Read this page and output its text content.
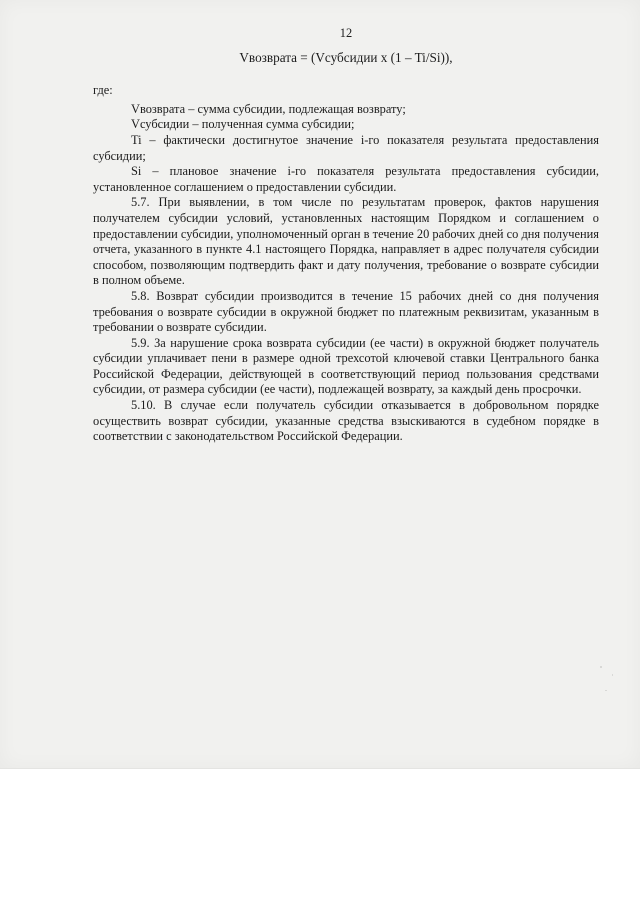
12
Vвозврата = (Vсубсидии x (1 – Ti/Si)),
где:

Vвозврата – сумма субсидии, подлежащая возврату;

Vсубсидии – полученная сумма субсидии;

Ti – фактически достигнутое значение i-го показателя результата предоставления субсидии;

Si – плановое значение i-го показателя результата предоставления субсидии, установленное соглашением о предоставлении субсидии.

5.7. При выявлении, в том числе по результатам проверок, фактов нарушения получателем субсидии условий, установленных настоящим Порядком и соглашением о предоставлении субсидии, уполномоченный орган в течение 20 рабочих дней со дня получения отчета, указанного в пункте 4.1 настоящего Порядка, направляет в адрес получателя субсидии способом, позволяющим подтвердить факт и дату получения, требование о возврате субсидии в полном объеме.

5.8. Возврат субсидии производится в течение 15 рабочих дней со дня получения требования о возврате субсидии в окружной бюджет по платежным реквизитам, указанным в требовании о возврате субсидии.

5.9. За нарушение срока возврата субсидии (ее части) в окружной бюджет получатель субсидии уплачивает пени в размере одной трехсотой ключевой ставки Центрального банка Российской Федерации, действующей в соответствующий период пользования средствами субсидии, от размера субсидии (ее части), подлежащей возврату, за каждый день просрочки.

5.10. В случае если получатель субсидии отказывается в добровольном порядке осуществить возврат субсидии, указанные средства взыскиваются в судебном порядке в соответствии с законодательством Российской Федерации.
